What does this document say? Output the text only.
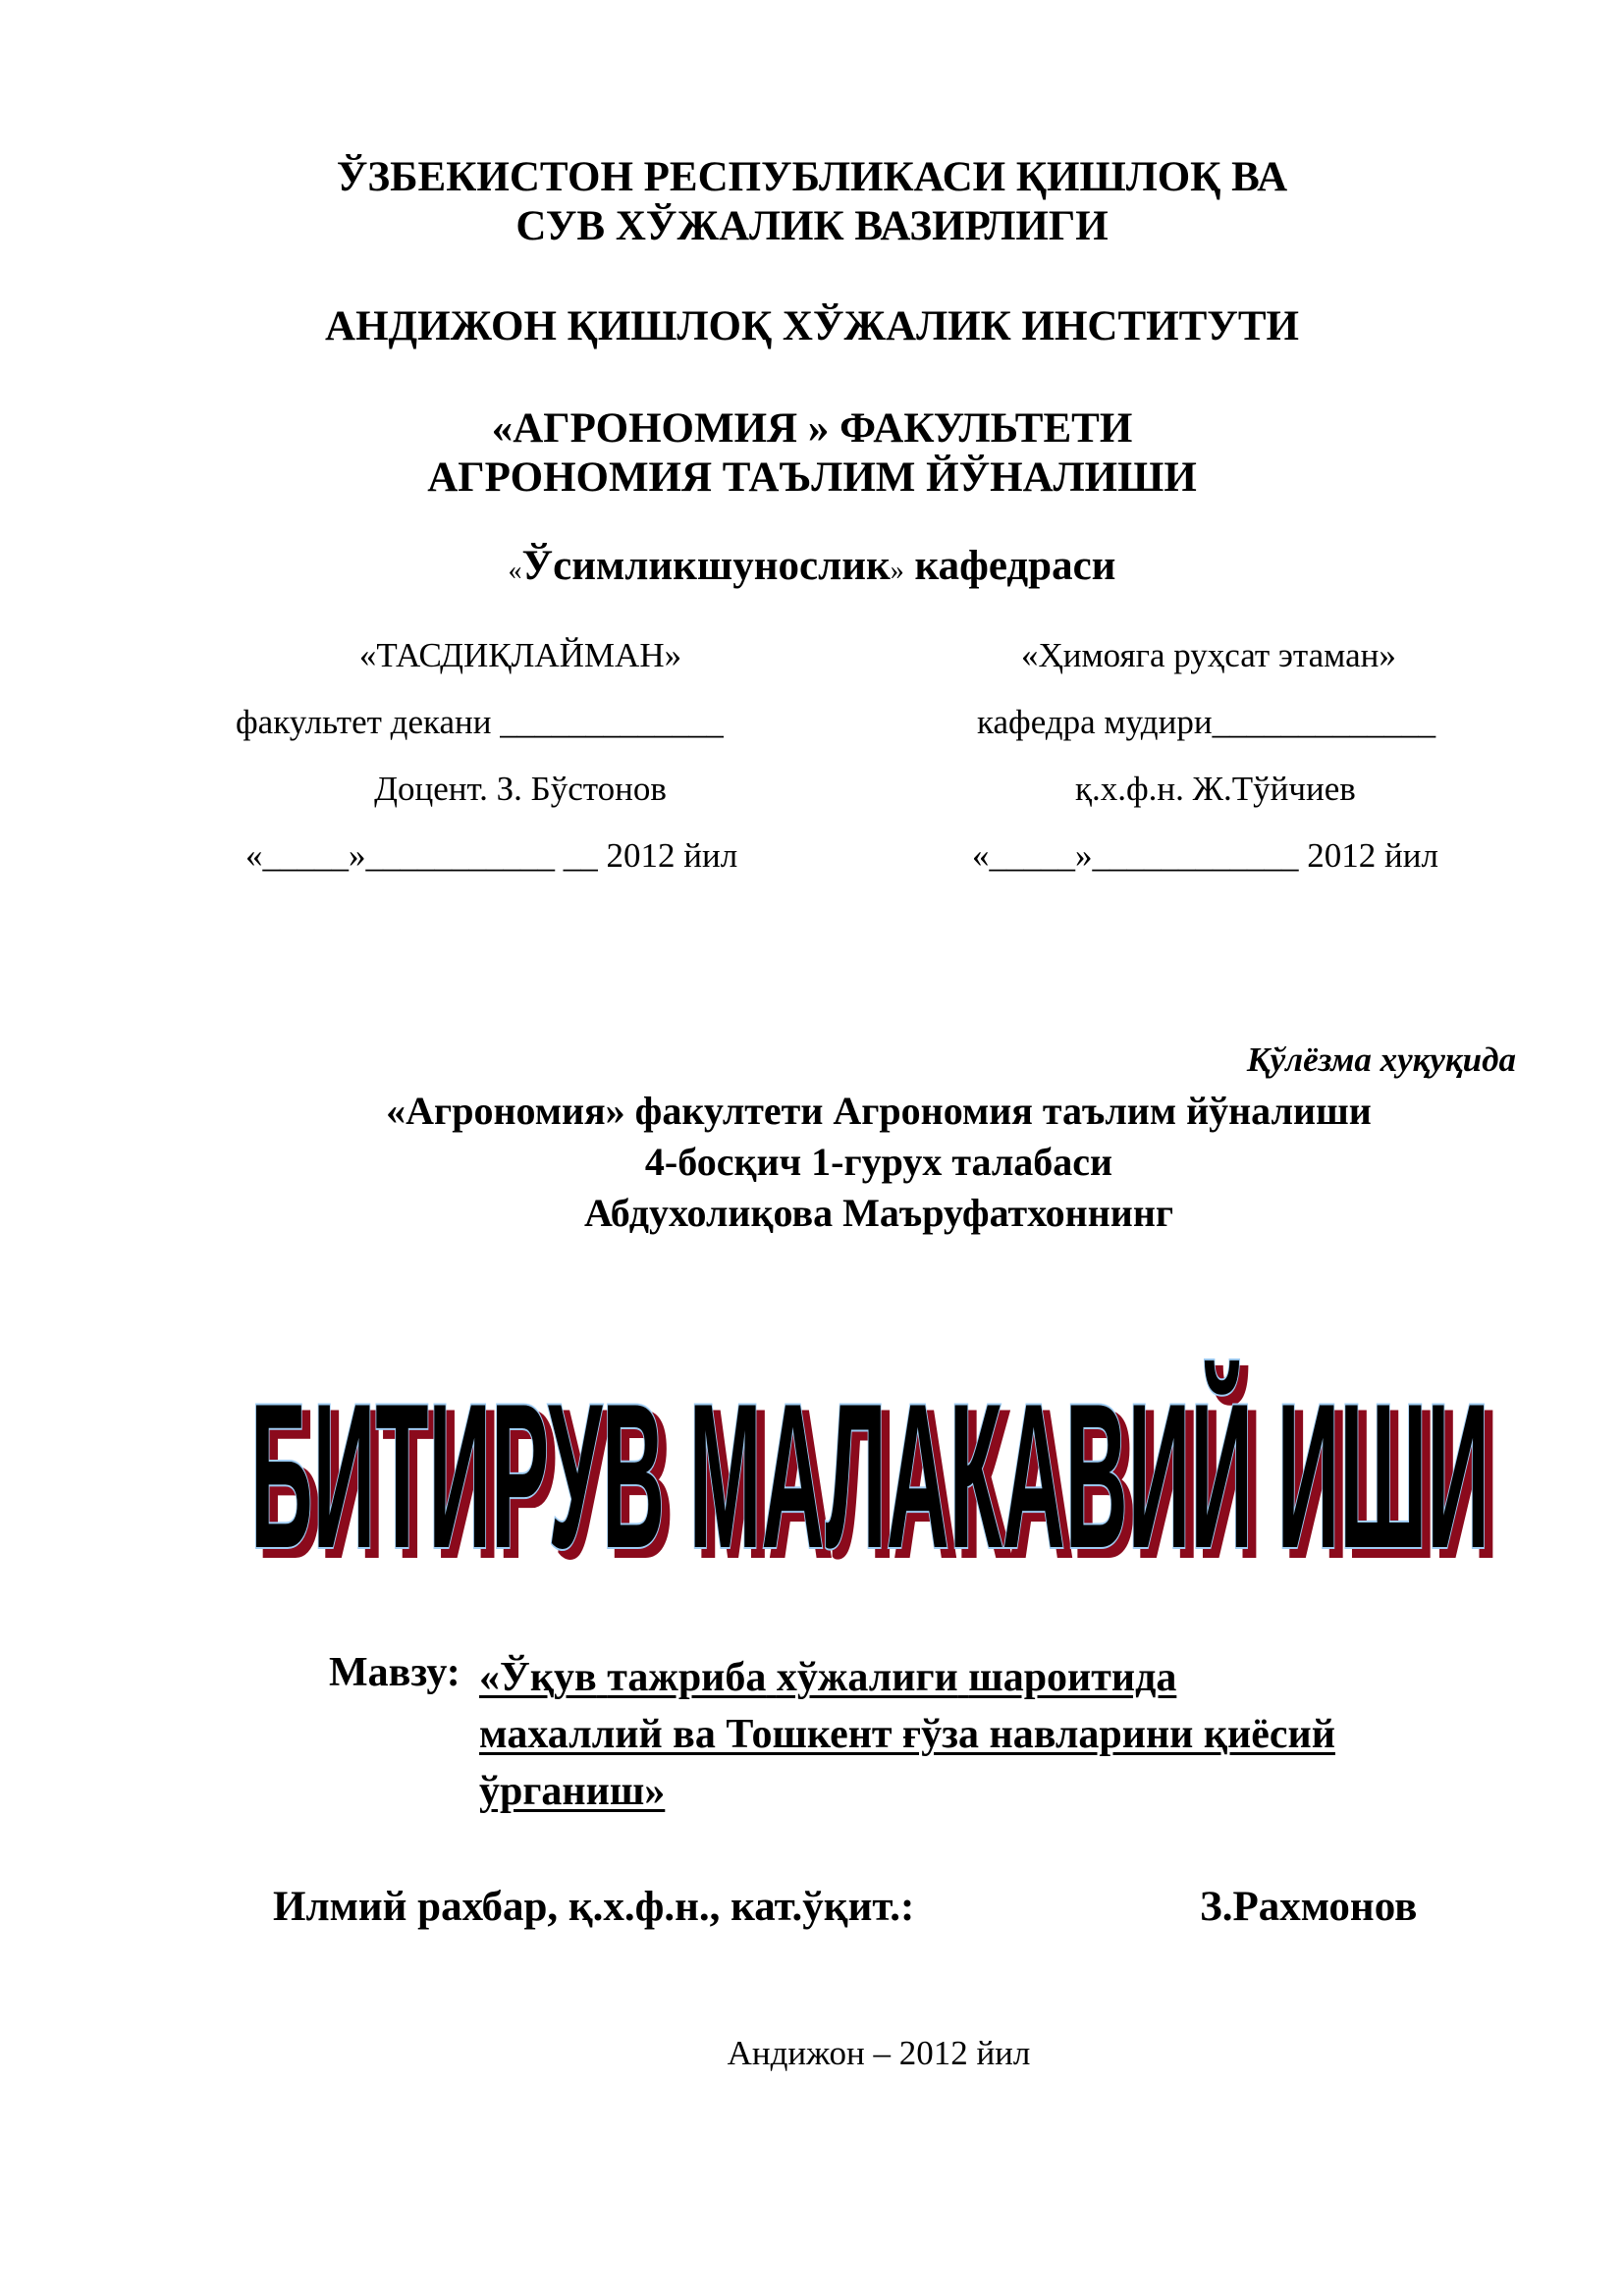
ЎЗБЕКИСТОН РЕСПУБЛИКАСИ ҚИШЛОҚ ВА
СУВ ХЎЖАЛИК ВАЗИРЛИГИ
АНДИЖОН ҚИШЛОҚ ХЎЖАЛИК ИНСТИТУТИ
«АГРОНОМИЯ » ФАКУЛЬТЕТИ
АГРОНОМИЯ ТАЪЛИМ ЙЎНАЛИШИ
«Ўсимликшунослик» кафедраси
«ТАСДИҚЛАЙМАН»
факультет декани _____________
Доцент. З. Бўстонов
«_____»___________ __ 2012 йил
«Ҳимояга руҳсат этаман»
кафедра мудири_____________
қ.х.ф.н. Ж.Тўйчиев
«_____»____________ 2012 йил
Қўлёзма хуқуқида
«Агрономия» факултети Агрономия таълим йўналиши
4-босқич 1-гурух талабаси
Абдухолиқова Маъруфатхоннинг
БИТИРУВ МАЛАКАВИЙ ИШИ
БИТИРУВ МАЛАКАВИЙ ИШИ
Мавзу: «Ўқув тажриба хўжалиги шароитида
махаллий ва Тошкент ғўза навларини қиёсий
ўрганиш»
Илмий рахбар, қ.х.ф.н., кат.ўқит.:	З.Рахмонов
Андижон – 2012 йил
